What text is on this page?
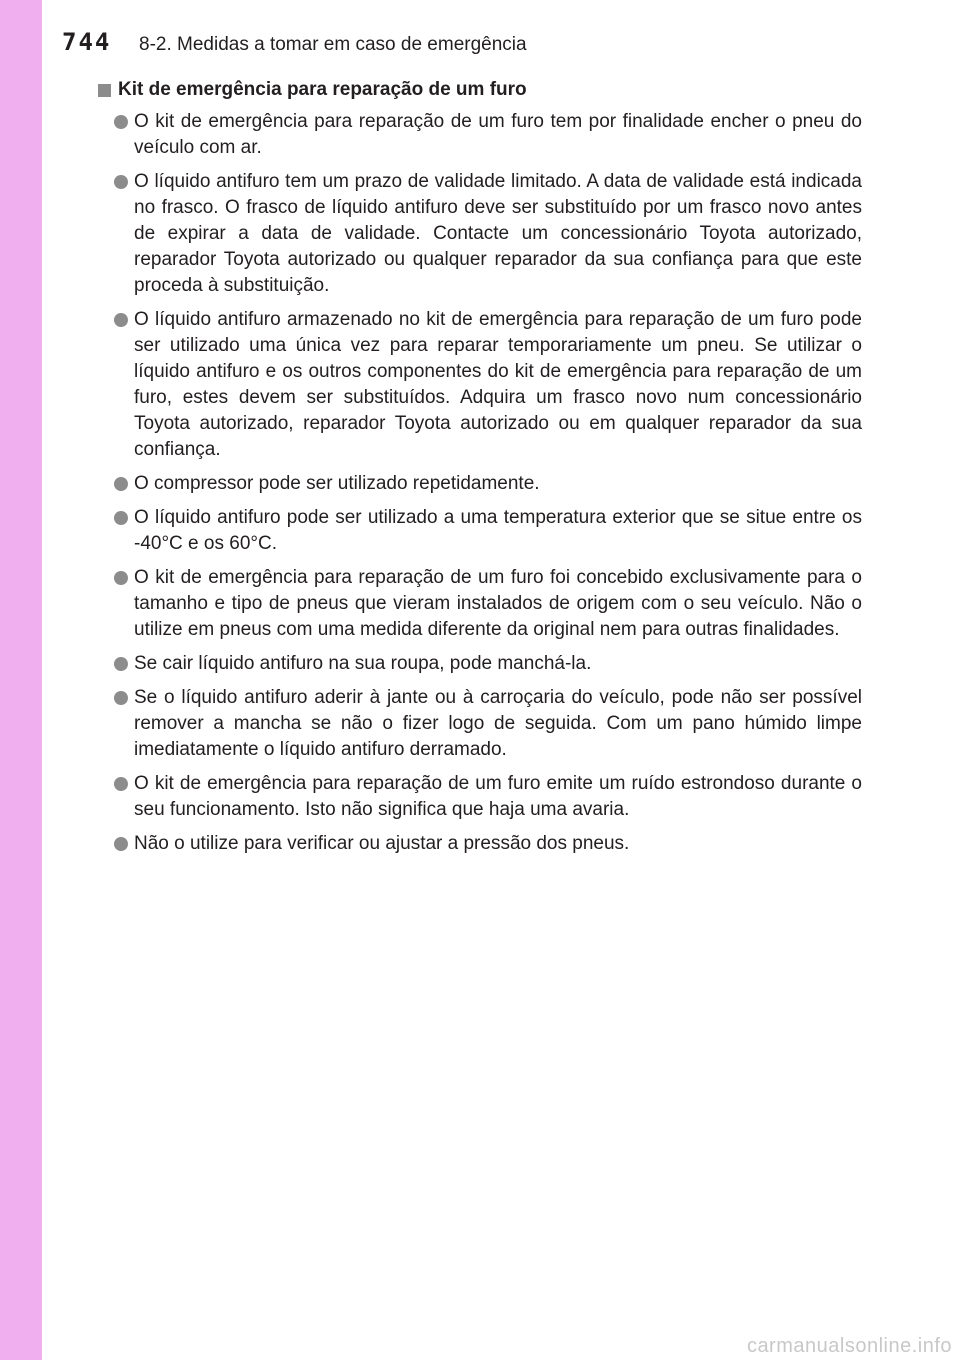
744	8-2. Medidas a tomar em caso de emergência
Kit de emergência para reparação de um furo
O kit de emergência para reparação de um furo tem por finalidade encher o pneu do veículo com ar.
O líquido antifuro tem um prazo de validade limitado. A data de validade está indicada no frasco. O frasco de líquido antifuro deve ser substituído por um frasco novo antes de expirar a data de validade. Contacte um concessionário Toyota autorizado, reparador Toyota autorizado ou qualquer reparador da sua confiança para que este proceda à substituição.
O líquido antifuro armazenado no kit de emergência para reparação de um furo pode ser utilizado uma única vez para reparar temporariamente um pneu. Se utilizar o líquido antifuro e os outros componentes do kit de emergência para reparação de um furo, estes devem ser substituídos. Adquira um frasco novo num concessionário Toyota autorizado, reparador Toyota autorizado ou em qualquer reparador da sua confiança.
O compressor pode ser utilizado repetidamente.
O líquido antifuro pode ser utilizado a uma temperatura exterior que se situe entre os -40°C e os 60°C.
O kit de emergência para reparação de um furo foi concebido exclusivamente para o tamanho e tipo de pneus que vieram instalados de origem com o seu veículo. Não o utilize em pneus com uma medida diferente da original nem para outras finalidades.
Se cair líquido antifuro na sua roupa, pode manchá-la.
Se o líquido antifuro aderir à jante ou à carroçaria do veículo, pode não ser possível remover a mancha se não o fizer logo de seguida. Com um pano húmido limpe imediatamente o líquido antifuro derramado.
O kit de emergência para reparação de um furo emite um ruído estrondoso durante o seu funcionamento. Isto não significa que haja uma avaria.
Não o utilize para verificar ou ajustar a pressão dos pneus.
carmanualsonline.info
